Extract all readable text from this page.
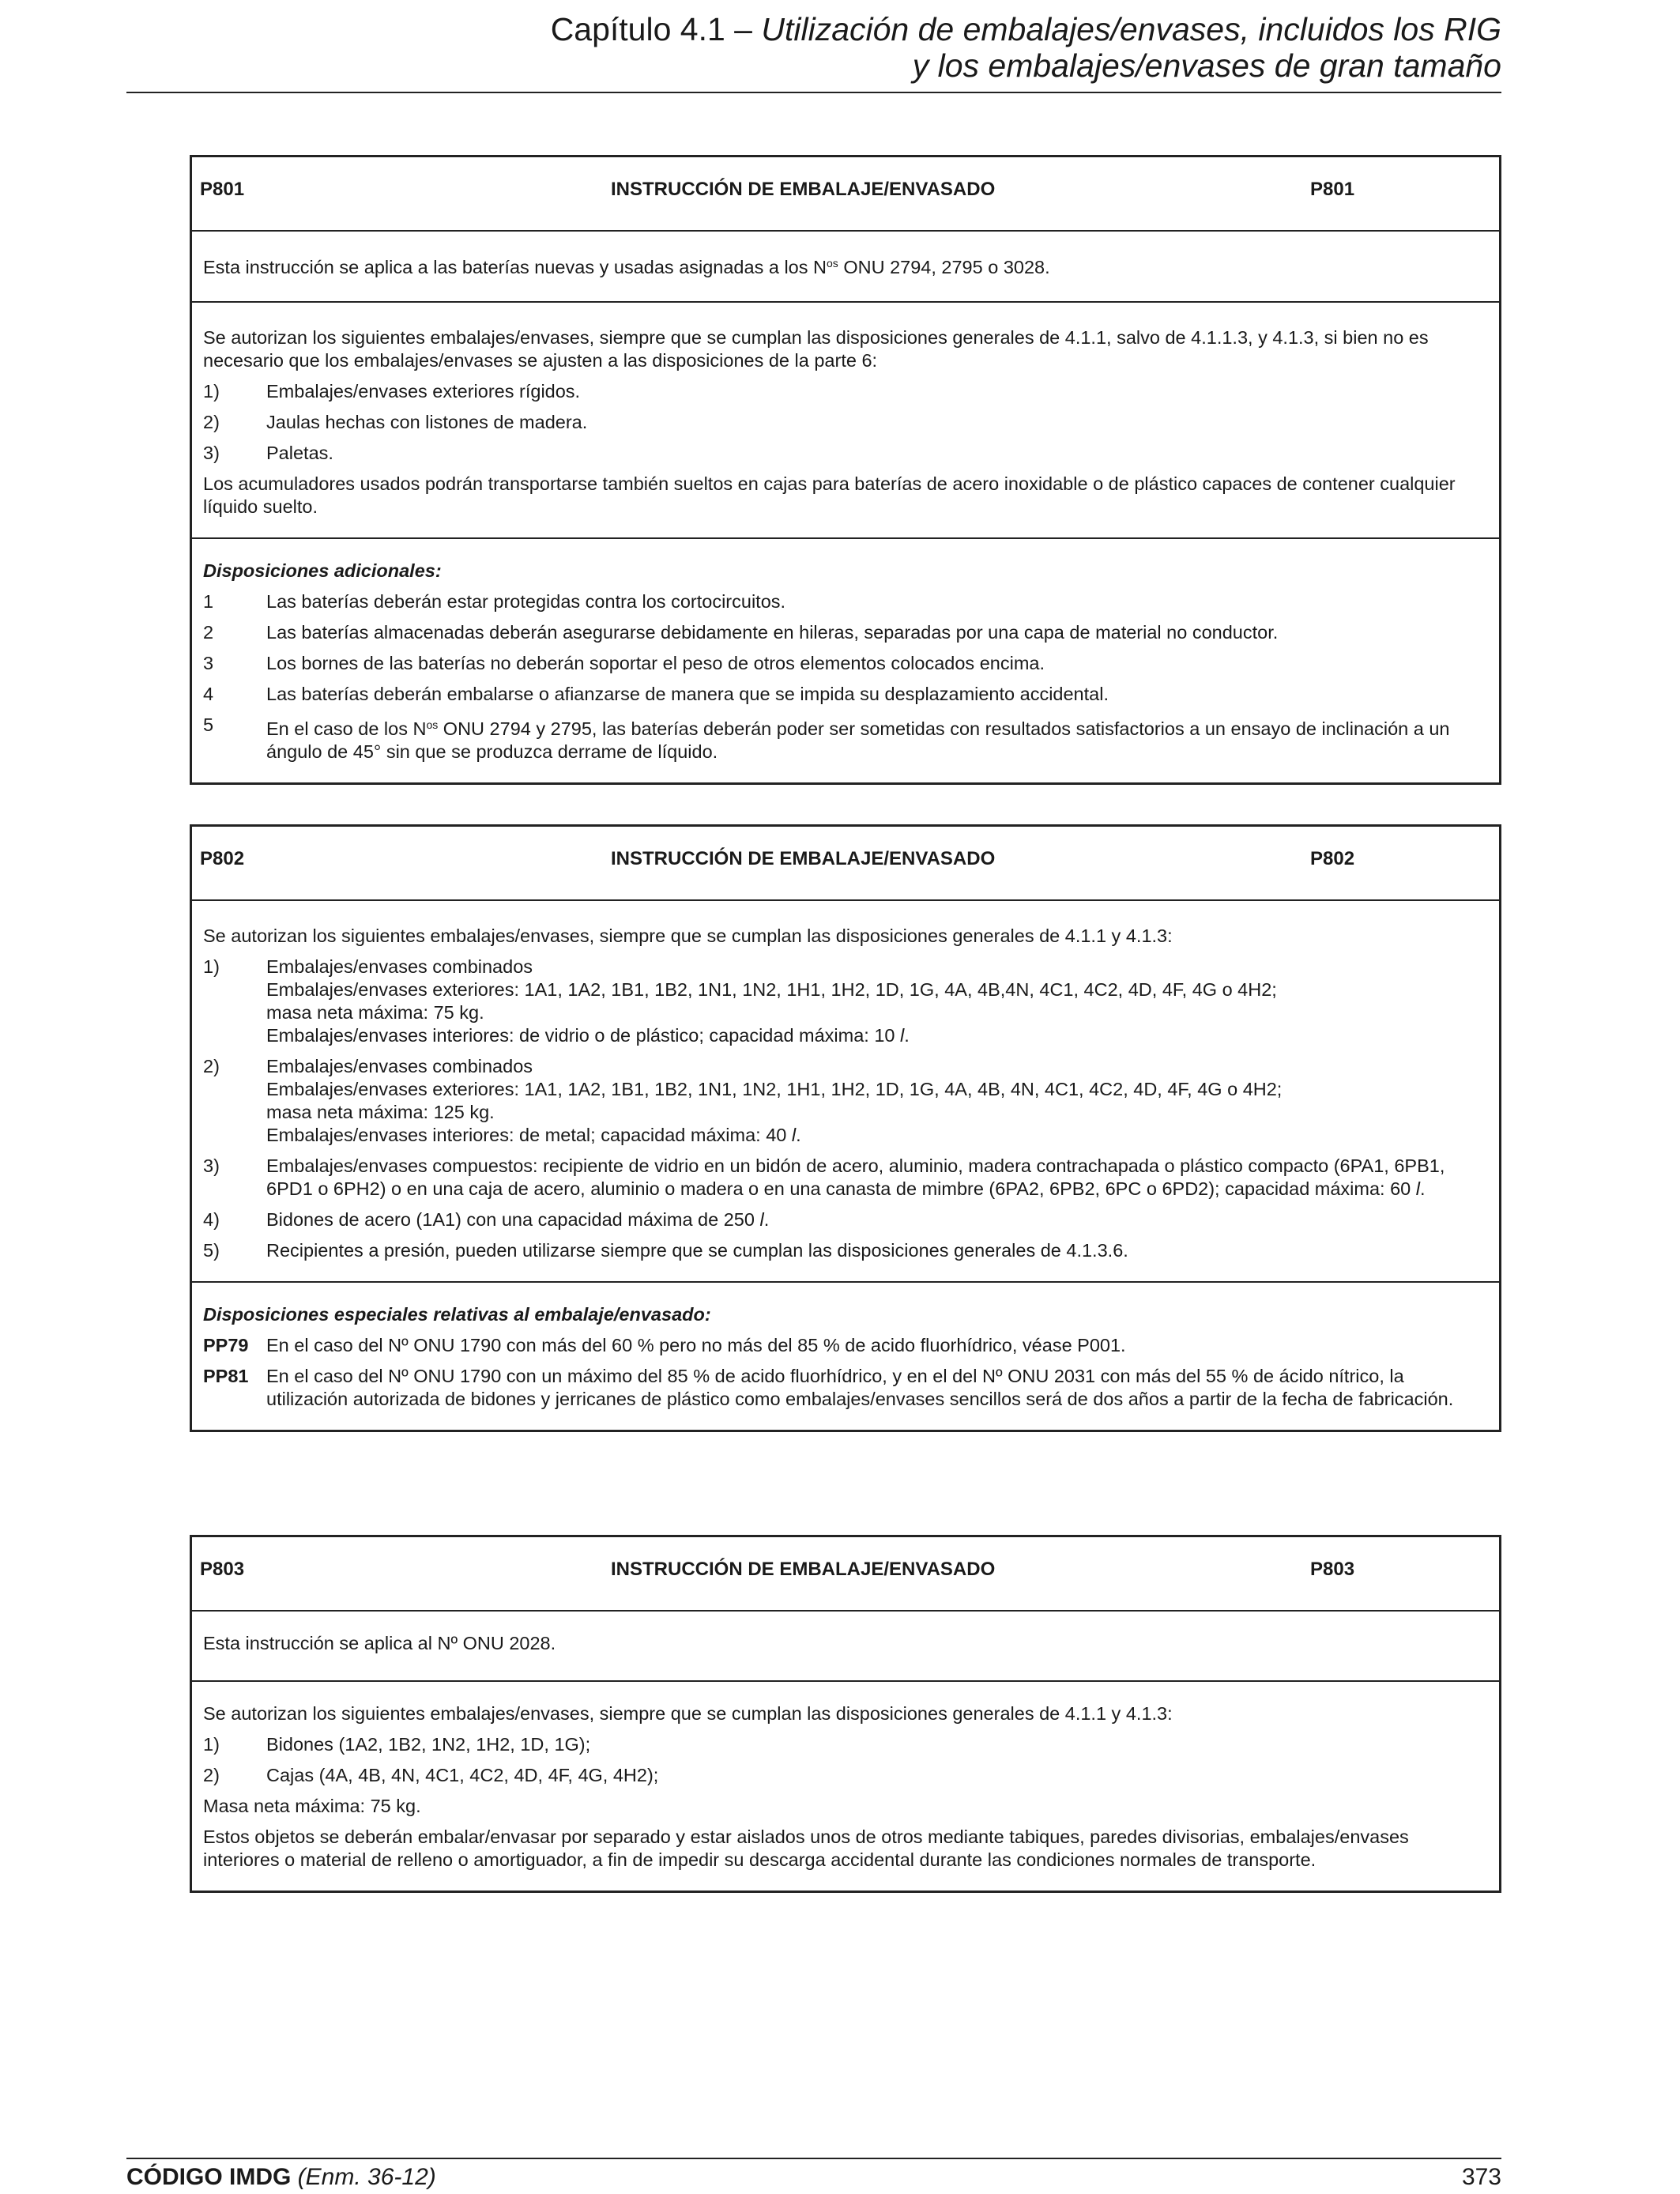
Capítulo 4.1 – Utilización de embalajes/envases, incluidos los RIG
y los embalajes/envases de gran tamaño
P801	INSTRUCCIÓN DE EMBALAJE/ENVASADO	P801
Esta instrucción se aplica a las baterías nuevas y usadas asignadas a los $N^{os}$ ONU 2794, 2795 o 3028.
Se autorizan los siguientes embalajes/envases, siempre que se cumplan las disposiciones generales de 4.1.1, salvo de 4.1.1.3, y 4.1.3, si bien no es necesario que los embalajes/envases se ajusten a las disposiciones de la parte 6:
1)	Embalajes/envases exteriores rígidos.
2)	Jaulas hechas con listones de madera.
3)	Paletas.
Los acumuladores usados podrán transportarse también sueltos en cajas para baterías de acero inoxidable o de plástico capaces de contener cualquier líquido suelto.
Disposiciones adicionales:
1	Las baterías deberán estar protegidas contra los cortocircuitos.
2	Las baterías almacenadas deberán asegurarse debidamente en hileras, separadas por una capa de material no conductor.
3	Los bornes de las baterías no deberán soportar el peso de otros elementos colocados encima.
4	Las baterías deberán embalarse o afianzarse de manera que se impida su desplazamiento accidental.
5	En el caso de los $N^{os}$ ONU 2794 y 2795, las baterías deberán poder ser sometidas con resultados satisfactorios a un ensayo de inclinación a un ángulo de 45° sin que se produzca derrame de líquido.
P802	INSTRUCCIÓN DE EMBALAJE/ENVASADO	P802
Se autorizan los siguientes embalajes/envases, siempre que se cumplan las disposiciones generales de 4.1.1 y 4.1.3:
1)	Embalajes/envases combinados
Embalajes/envases exteriores: 1A1, 1A2, 1B1, 1B2, 1N1, 1N2, 1H1, 1H2, 1D, 1G, 4A, 4B,4N, 4C1, 4C2, 4D, 4F, 4G o 4H2;
masa neta máxima: 75 kg.
Embalajes/envases interiores: de vidrio o de plástico; capacidad máxima: 10 l.
2)	Embalajes/envases combinados
Embalajes/envases exteriores: 1A1, 1A2, 1B1, 1B2, 1N1, 1N2, 1H1, 1H2, 1D, 1G, 4A, 4B, 4N, 4C1, 4C2, 4D, 4F, 4G o 4H2;
masa neta máxima: 125 kg.
Embalajes/envases interiores: de metal; capacidad máxima: 40 l.
3)	Embalajes/envases compuestos: recipiente de vidrio en un bidón de acero, aluminio, madera contrachapada o plástico compacto (6PA1, 6PB1, 6PD1 o 6PH2) o en una caja de acero, aluminio o madera o en una canasta de mimbre (6PA2, 6PB2, 6PC o 6PD2); capacidad máxima: 60 l.
4)	Bidones de acero (1A1) con una capacidad máxima de 250 l.
5)	Recipientes a presión, pueden utilizarse siempre que se cumplan las disposiciones generales de 4.1.3.6.
Disposiciones especiales relativas al embalaje/envasado:
PP79 En el caso del Nº ONU 1790 con más del 60 % pero no más del 85 % de acido fluorhídrico, véase P001.
PP81 En el caso del Nº ONU 1790 con un máximo del 85 % de acido fluorhídrico, y en el del Nº ONU 2031 con más del 55 % de ácido nítrico, la utilización autorizada de bidones y jerricanes de plástico como embalajes/envases sencillos será de dos años a partir de la fecha de fabricación.
P803	INSTRUCCIÓN DE EMBALAJE/ENVASADO	P803
Esta instrucción se aplica al Nº ONU 2028.
Se autorizan los siguientes embalajes/envases, siempre que se cumplan las disposiciones generales de 4.1.1 y 4.1.3:
1)	Bidones (1A2, 1B2, 1N2, 1H2, 1D, 1G);
2)	Cajas (4A, 4B, 4N, 4C1, 4C2, 4D, 4F, 4G, 4H2);
Masa neta máxima: 75 kg.
Estos objetos se deberán embalar/envasar por separado y estar aislados unos de otros mediante tabiques, paredes divisorias, embalajes/envases interiores o material de relleno o amortiguador, a fin de impedir su descarga accidental durante las condiciones normales de transporte.
CÓDIGO IMDG (Enm. 36-12)	373
